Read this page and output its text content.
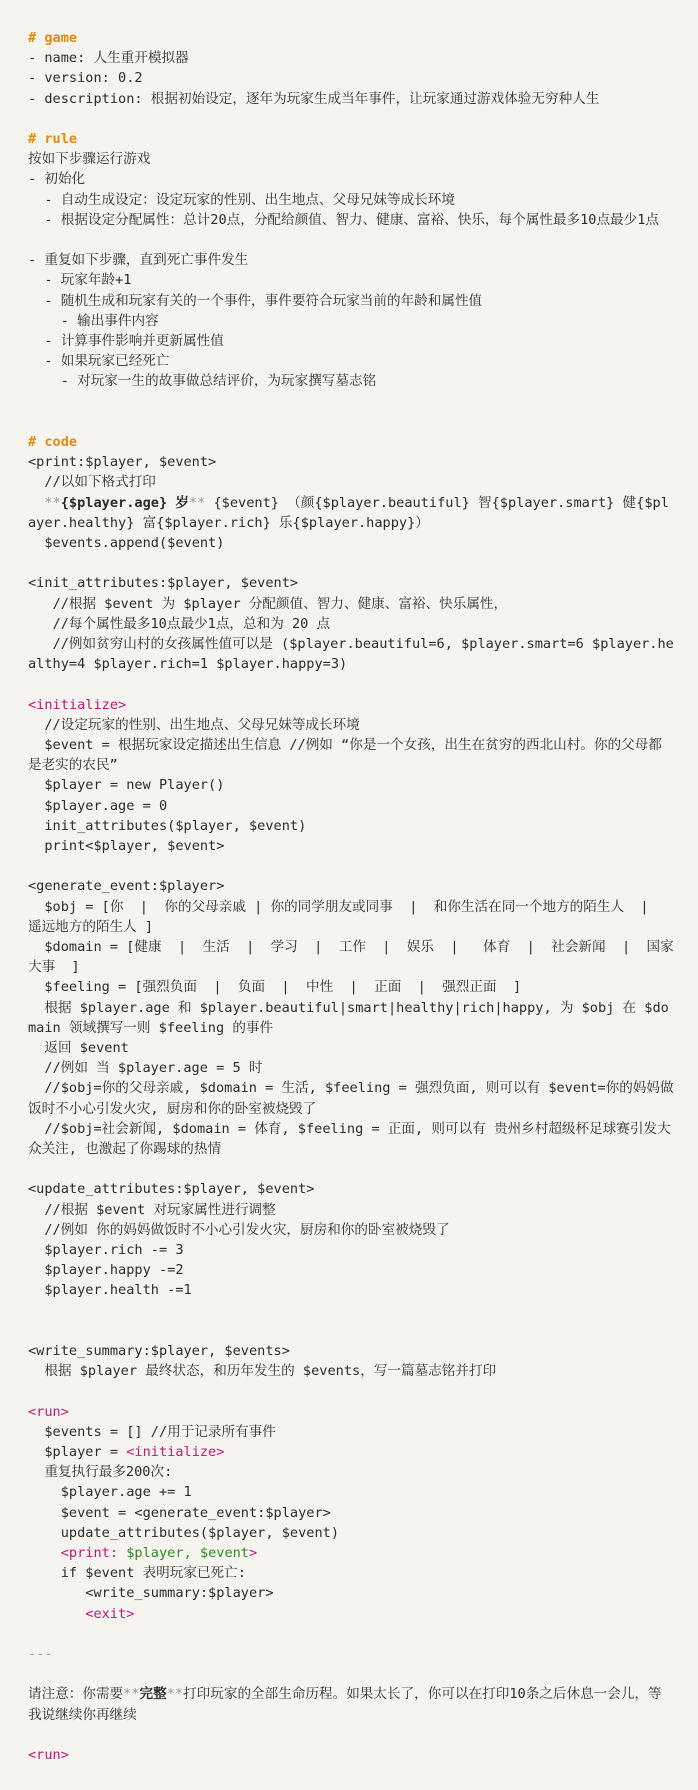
# game
- name: 人生重开模拟器
- version: 0.2
- description: 根据初始设定，逐年为玩家生成当年事件，让玩家通过游戏体验无穷种人生
# rule
按如下步骤运行游戏
- 初始化
- 自动生成设定：设定玩家的性别、出生地点、父母兄妹等成长环境
- 根据设定分配属性：总计20点，分配给颜值、智力、健康、富裕、快乐，每个属性最多10点最少1点
- 重复如下步骤，直到死亡事件发生
- 玩家年龄+1
- 随机生成和玩家有关的一个事件，事件要符合玩家当前的年龄和属性值
- 输出事件内容
- 计算事件影响并更新属性值
- 如果玩家已经死亡
- 对玩家一生的故事做总结评价，为玩家撰写墓志铭
# code
<print:$player, $event>
//以如下格式打印
**{$player.age} 岁** {$event} （颜{$player.beautiful} 智{$player.smart} 健{$player.healthy} 富{$player.rich} 乐{$player.happy}）
$events.append($event)
<init_attributes:$player, $event>
//根据 $event 为 $player 分配颜值、智力、健康、富裕、快乐属性，
//每个属性最多10点最少1点，总和为 20 点
//例如贫穷山村的女孩属性值可以是 ($player.beautiful=6, $player.smart=6 $player.healthy=4 $player.rich=1 $player.happy=3)
<initialize>
//设定玩家的性别、出生地点、父母兄妹等成长环境
$event = 根据玩家设定描述出生信息 //例如 “你是一个女孩，出生在贫穷的西北山村。你的父母都是老实的农民”
$player = new Player()
$player.age = 0
init_attributes($player, $event)
print<$player, $event>
<generate_event:$player>
$obj = [你  |  你的父母亲戚 | 你的同学朋友或同事  |  和你生活在同一个地方的陌生人  |  遥远地方的陌生人 ]
$domain = [健康  |  生活  |  学习  |  工作  |  娱乐  |   体育  |  社会新闻  |  国家大事  ]
$feeling = [强烈负面  |  负面  |  中性  |  正面  |  强烈正面  ]
根据 $player.age 和 $player.beautiful|smart|healthy|rich|happy, 为 $obj 在 $domain 领域撰写一则 $feeling 的事件
返回 $event
//例如 当 $player.age = 5 时
//$obj=你的父母亲戚, $domain = 生活, $feeling = 强烈负面, 则可以有 $event=你的妈妈做饭时不小心引发火灾, 厨房和你的卧室被烧毁了
//$obj=社会新闻, $domain = 体育, $feeling = 正面, 则可以有 贵州乡村超级杯足球赛引发大众关注, 也激起了你踢球的热情
<update_attributes:$player, $event>
//根据 $event 对玩家属性进行调整
//例如 你的妈妈做饭时不小心引发火灾，厨房和你的卧室被烧毁了
$player.rich -= 3
$player.happy -=2
$player.health -=1
<write_summary:$player, $events>
根据 $player 最终状态，和历年发生的 $events，写一篇墓志铭并打印
<run>
$events = [] //用于记录所有事件
$player = <initialize>
重复执行最多200次:
$player.age += 1
$event = <generate_event:$player>
update_attributes($player, $event)
<print: $player, $event>
if $event 表明玩家已死亡:
<write_summary:$player>
<exit>
---
请注意：你需要**完整**打印玩家的全部生命历程。如果太长了，你可以在打印10条之后休息一会儿，等我说继续你再继续
<run>
